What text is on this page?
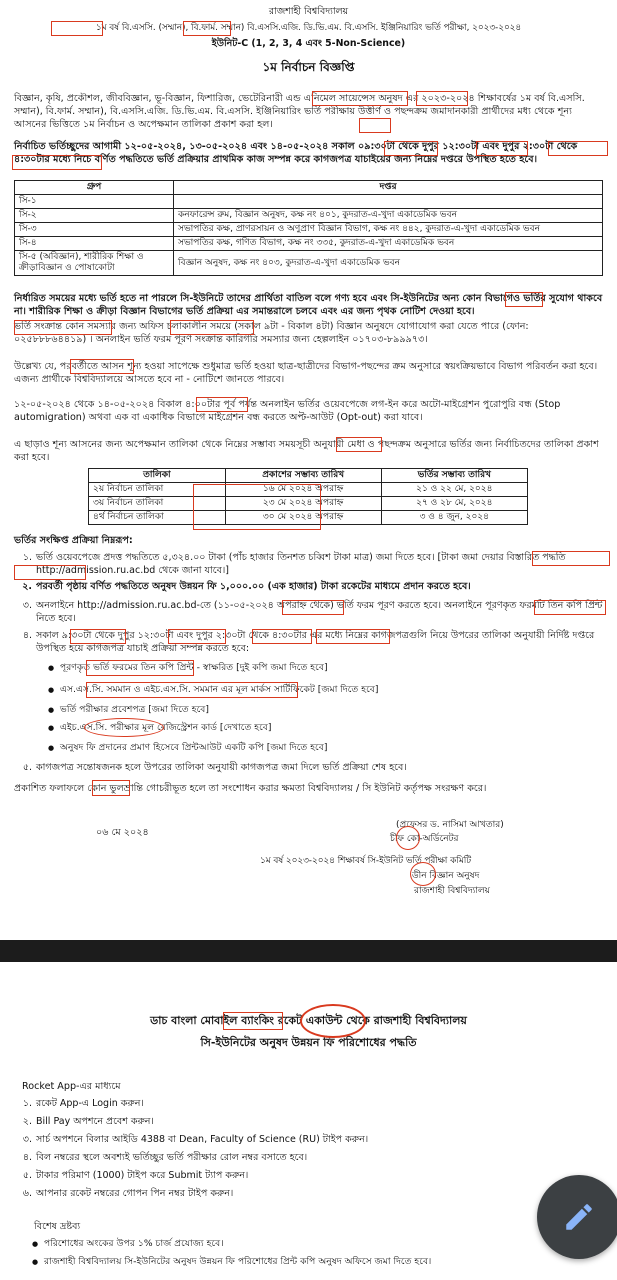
রাজশাহী বিশ্ববিদ্যালয়
১ম বর্ষ বি.এসসি. (সম্মান), বি.ফার্ম. সম্মান) বি.এসসি.এজি. ডি.ভি.এম. বি.এসসি. ইঞ্জিনিয়ারিং ভর্তি পরীক্ষা, ২০২৩-২০২৪
ইউনিট-C (1, 2, 3, 4 এবং 5-Non-Science)
১ম নির্বাচন বিজ্ঞপ্তি
বিজ্ঞান, কৃষি, প্রকৌশল, জীববিজ্ঞান, ভূ-বিজ্ঞান, ফিশারিজ, ভেটেরিনারী এন্ড এনিমেল সায়েন্সেস অনুষদ এর ২০২৩-২০২৪ শিক্ষাবর্ষের ১ম বর্ষ বি.এসসি. সম্মান), বি.ফার্ম. সম্মান), বি.এসসি.এজি. ডি.ভি.এম. বি.এসসি. ইঞ্জিনিয়ারিং ভর্তি পরীক্ষায় উত্তীর্ণ ও পছন্দক্রম জমাদানকারী প্রার্থীদের মধ্য থেকে শূন্য আসনের ভিত্তিতে ১ম নির্বাচন ও অপেক্ষমান তালিকা প্রকাশ করা হল।
নির্বাচিত ভর্তিচ্ছুদের আগামী ১২-০৫-২০২৪, ১৩-০৫-২০২৪ এবং ১৪-০৫-২০২৪ সকাল ০৯:৩০টা থেকে দুপুর ১২:৩০টা এবং দুপুর ২:৩০টা থেকে ৪:৩০টার মধ্যে নিচে বর্ণিত পদ্ধতিতে ভর্তি প্রক্রিয়ার প্রাথমিক কাজ সম্পন্ন করে কাগজপত্র যাচাইয়ের জন্য নিম্নের দপ্তরে উপস্থিত হতে হবে।
গ্রুপ	দপ্তর
সি-১	
সি-২	কনফারেন্স রুম, বিজ্ঞান অনুষদ, কক্ষ নং ৪০১, কুদরাত-এ-খুদা একাডেমিক ভবন
সি-৩	সভাপতির কক্ষ, প্রাণরসায়ন ও অণুপ্রাণ বিজ্ঞান বিভাগ, কক্ষ নং ৪৪২, কুদরাত-এ-খুদা একাডেমিক ভবন
সি-৪	সভাপতির কক্ষ, গণিত বিভাগ, কক্ষ নং ৩৩৫, কুদরাত-এ-খুদা একাডেমিক ভবন
সি-৫ (অবিজ্ঞান), শারীরিক শিক্ষা ও ক্রীড়াবিজ্ঞান ও পোষাকোটা	বিজ্ঞান অনুষদ, কক্ষ নং ৪০৩, কুদরাত-এ-খুদা একাডেমিক ভবন
নির্ধারিত সময়ের মধ্যে ভর্তি হতে না পারলে সি-ইউনিটে তাদের প্রার্থিতা বাতিল বলে গণ্য হবে এবং সি-ইউনিটের অন্য কোন বিভাগেও ভর্তির সুযোগ থাকবে না। শারীরিক শিক্ষা ও ক্রীড়া বিজ্ঞান বিভাগের ভর্তি প্রক্রিয়া এর সমান্তরালে চলবে এবং এর জন্য পৃথক নোটিশ দেওয়া হবে।
ভর্তি সংক্রান্ত কোন সমস্যার জন্য অফিস চলাকালীন সময়ে (সকাল ৯টা - বিকাল ৪টা) বিজ্ঞান অনুষদে যোগাযোগ করা যেতে পারে (ফোন: ০২৫৮৮৮৬৪৪১৯) । অনলাইন ভর্তি ফরম পূরণ সংক্রান্ত কারিগরি সমস্যার জন্য হেল্পলাইন ০১৭০৩-৮৯৯৯৭৩।
উল্লেখ্য যে, পরবর্তীতে আসন শূন্য হওয়া সাপেক্ষে শুধুমাত্র ভর্তি হওয়া ছাত্র-ছাত্রীদের বিভাগ-পছন্দের ক্রম অনুসারে স্বয়ংক্রিয়ভাবে বিভাগ পরিবর্তন করা হবে। এজন্য প্রার্থীকে বিশ্ববিদ্যালয়ে আসতে হবে না - নোটিশে জানতে পারবে।
১২-০৫-২০২৪ থেকে ১৪-০৫-২০২৪ বিকাল ৪:০০টার পূর্ব পর্যন্ত অনলাইন ভর্তির ওয়েবপেজে লগ-ইন করে অটো-মাইগ্রেশন পুরোপুরি বন্ধ (Stop automigration) অথবা এক বা একাধিক বিভাগে মাইগ্রেশন বন্ধ করতে অপ্ট-আউট (Opt-out) করা যাবে।
এ ছাড়াও শূন্য আসনের জন্য অপেক্ষমান তালিকা থেকে নিম্নের সম্ভাব্য সময়সূচী অনুযায়ী মেধা ও পছন্দক্রম অনুসারে ভর্তির জন্য নির্বাচিতদের তালিকা প্রকাশ করা হবে।
তালিকা	প্রকাশের সম্ভাব্য তারিখ	ভর্তির সম্ভাব্য তারিখ
২য় নির্বাচন তালিকা	১৬ মে ২০২৪ অপরাহ্ন	২১ ও ২২ মে, ২০২৪
৩য় নির্বাচন তালিকা	২৩ মে ২০২৪ অপরাহ্ন	২৭ ও ২৮ মে, ২০২৪
৪র্থ নির্বাচন তালিকা	৩০ মে ২০২৪ অপরাহ্ন	৩ ও ৪ জুন, ২০২৪
ভর্তির সংক্ষিপ্ত প্রক্রিয়া নিম্নরূপ:
১. ভর্তি ওয়েবপেজে প্রদত্ত পদ্ধতিতে ৫,৩২৪.০০ টাকা (পাঁচ হাজার তিনশত চব্বিশ টাকা মাত্র) জমা দিতে হবে। [টাকা জমা দেয়ার বিস্তারিত পদ্ধতি http://admission.ru.ac.bd থেকে জানা যাবে।]
২. পরবর্তী পৃষ্ঠায় বর্ণিত পদ্ধতিতে অনুষদ উন্নয়ন ফি ১,০০০.০০ (এক হাজার) টাকা রকেটের মাধ্যমে প্রদান করতে হবে।
৩. অনলাইনে http://admission.ru.ac.bd-তে (১১-০৫-২০২৪ অপরাহ্ন থেকে) ভর্তি ফরম পূরণ করতে হবে। অনলাইনে পূরণকৃত ফরমটি তিন কপি প্রিন্ট নিতে হবে।
৪. সকাল ৯:৩০টা থেকে দুপুর ১২:৩০টা এবং দুপুর ২:৩০টা থেকে ৪:৩০টার এর মধ্যে নিম্নের কাগজপত্রগুলি নিয়ে উপরের তালিকা অনুযায়ী নির্দিষ্ট দপ্তরে উপস্থিত হয়ে কাগজপত্র যাচাই প্রক্রিয়া সম্পন্ন করতে হবে:
● পূরণকৃত ভর্তি ফরমের তিন কপি প্রিন্ট - স্বাক্ষরিত [দুই কপি জমা দিতে হবে]
● এস.এস.সি. সমমান ও এইচ.এস.সি. সমমান এর মূল মার্কস সার্টিফিকেট [জমা দিতে হবে]
● ভর্তি পরীক্ষার প্রবেশপত্র [জমা দিতে হবে]
● এইচ.এস.সি. পরীক্ষার মূল রেজিস্ট্রেশন কার্ড [দেখাতে হবে]
● অনুষদ ফি প্রদানের প্রমাণ হিসেবে প্রিন্টআউট একটি কপি [জমা দিতে হবে]
৫. কাগজপত্র সন্তোষজনক হলে উপরের তালিকা অনুযায়ী কাগজপত্র জমা দিলে ভর্তি প্রক্রিয়া শেষ হবে।
প্রকাশিত ফলাফলে কোন ভুলভ্রান্তি গোচরীভূত হলে তা সংশোধন করার ক্ষমতা বিশ্ববিদ্যালয় / সি ইউনিট কর্তৃপক্ষ সংরক্ষণ করে।
০৬ মে ২০২৪
(প্রফেসর ড. নাসিমা আখতার)
চীফ কো-অর্ডিনেটর
১ম বর্ষ ২০২৩-২০২৪ শিক্ষাবর্ষ সি-ইউনিট ভর্তি পরীক্ষা কমিটি
ডীন বিজ্ঞান অনুষদ
রাজশাহী বিশ্ববিদ্যালয়
ডাচ বাংলা মোবাইল ব্যাংকিং রকেট একাউন্ট থেকে রাজশাহী বিশ্ববিদ্যালয়
সি-ইউনিটের অনুষদ উন্নয়ন ফি পরিশোধের পদ্ধতি
Rocket App-এর মাধ্যমে
১. রকেট App-এ Login করুন।
২. Bill Pay অপশনে প্রবেশ করুন।
৩. সার্চ অপশনে বিলার আইডি 4388 বা Dean, Faculty of Science (RU) টাইপ করুন।
৪. বিল নম্বরের স্থলে অবশ্যই ভর্তিচ্ছুর ভর্তি পরীক্ষার রোল নম্বর বসাতে হবে।
৫. টাকার পরিমাণ (1000) টাইপ করে Submit ট্যাপ করুন।
৬. আপনার রকেট নম্বরের গোপন পিন নম্বর টাইপ করুন।
বিশেষ দ্রষ্টব্য
● পরিশোধের অংকের উপর ১% চার্জ প্রযোজ্য হবে।
● রাজশাহী বিশ্ববিদ্যালয় সি-ইউনিটের অনুষদ উন্নয়ন ফি পরিশোধের প্রিন্ট কপি অনুষদ অফিসে জমা দিতে হবে।
